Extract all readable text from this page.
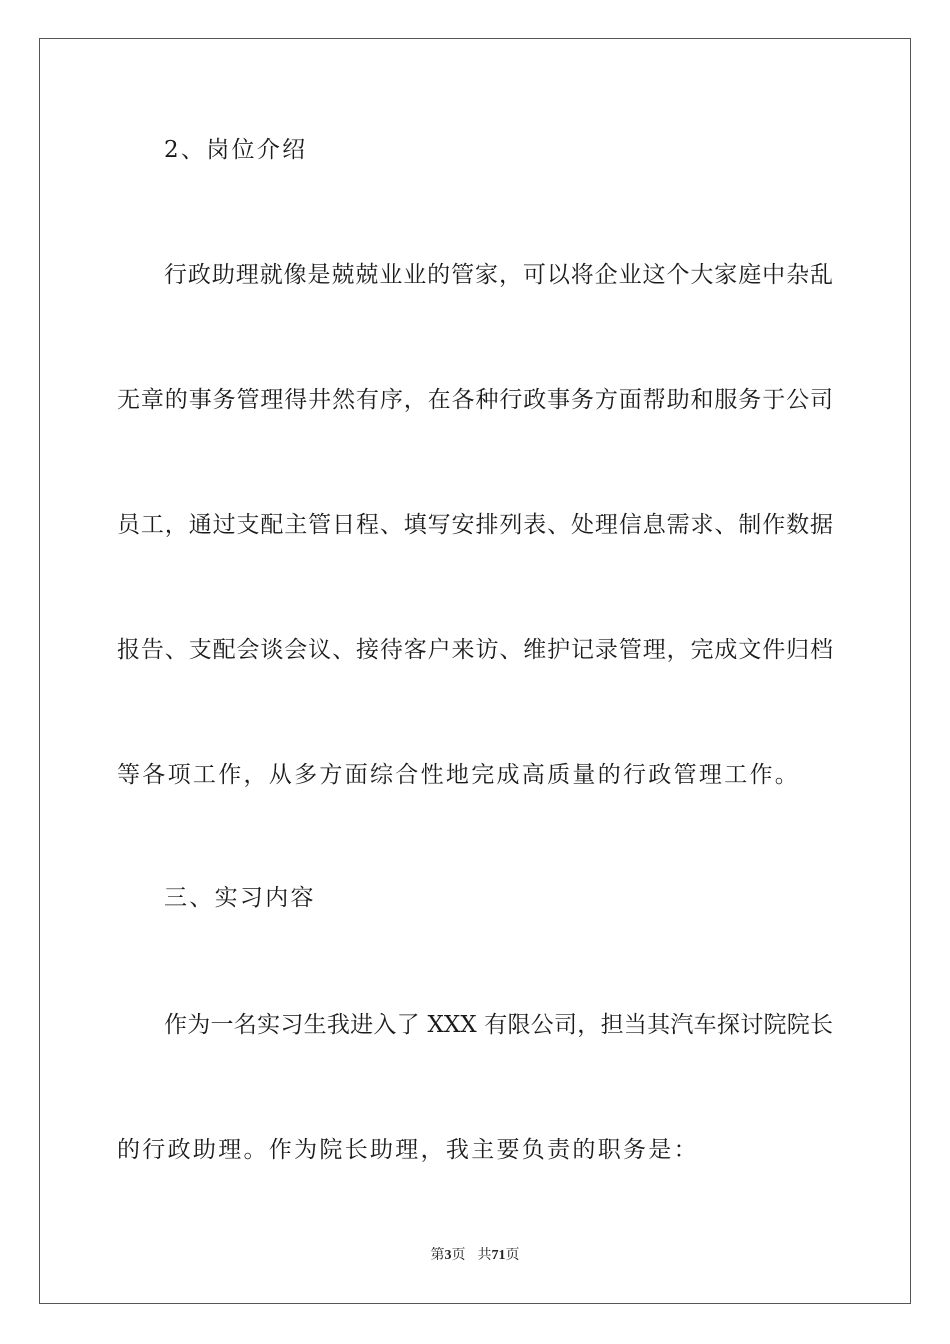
2、岗位介绍
行政助理就像是兢兢业业的管家，可以将企业这个大家庭中杂乱
无章的事务管理得井然有序，在各种行政事务方面帮助和服务于公司
员工，通过支配主管日程、填写安排列表、处理信息需求、制作数据
报告、支配会谈会议、接待客户来访、维护记录管理，完成文件归档
等各项工作，从多方面综合性地完成高质量的行政管理工作。
三、实习内容
作为一名实习生我进入了 XXX 有限公司，担当其汽车探讨院院长
的行政助理。作为院长助理，我主要负责的职务是：
第3页 共71页
